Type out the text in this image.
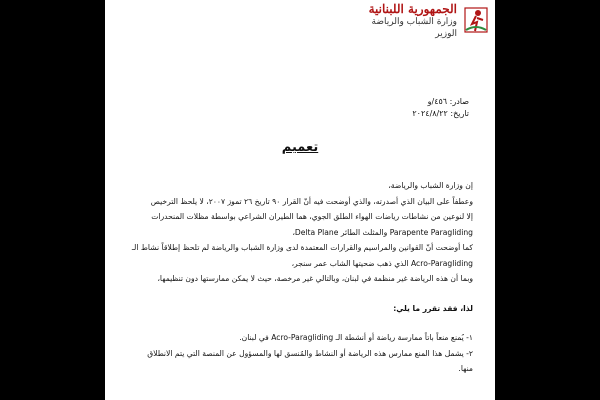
الجمهورية اللبنانية
وزارة الشباب والرياضة
الوزير
صادر: ٤٥٦/و
تاريخ: ٢٠٢٤/٨/٢٢
تعميم

إن وزارة الشباب والرياضة،

وعطفاً على البيان الذي أصدرته، والذي أوضحت فيه أنّ القرار ٩٠ تاريخ ٢٦ تموز ٢٠٠٧، لا يلحظ الترخيص

إلا لنوعين من نشاطات رياضات الهواء الطلق الجوي، هما الطيران الشراعي بواسطة مظلات المنحدرات

Parapente Paragliding والمثلث الطائر Delta Plane،

كما أوضحت أنّ القوانين والمراسيم والقرارات المعتمدة لدى وزارة الشباب والرياضة لم تلحظ إطلاقاً نشاط الـ

Acro-Paragliding الذي ذهب ضحيتها الشاب عمر سنجر،

وبما أن هذه الرياضة غير منظمة في لبنان، وبالتالي غير مرخصة، حيث لا يمكن ممارستها دون تنظيمها،

لذا، فقد تقرر ما يلي:

١- يُمنع منعاً باتاً ممارسة رياضة أو أنشطة الـ Acro-Paragliding في لبنان.

٢- يشمل هذا المنع ممارس هذه الرياضة أو النشاط والمُنسق لها والمسؤول عن المنصة التي يتم الانطلاق

منها.
